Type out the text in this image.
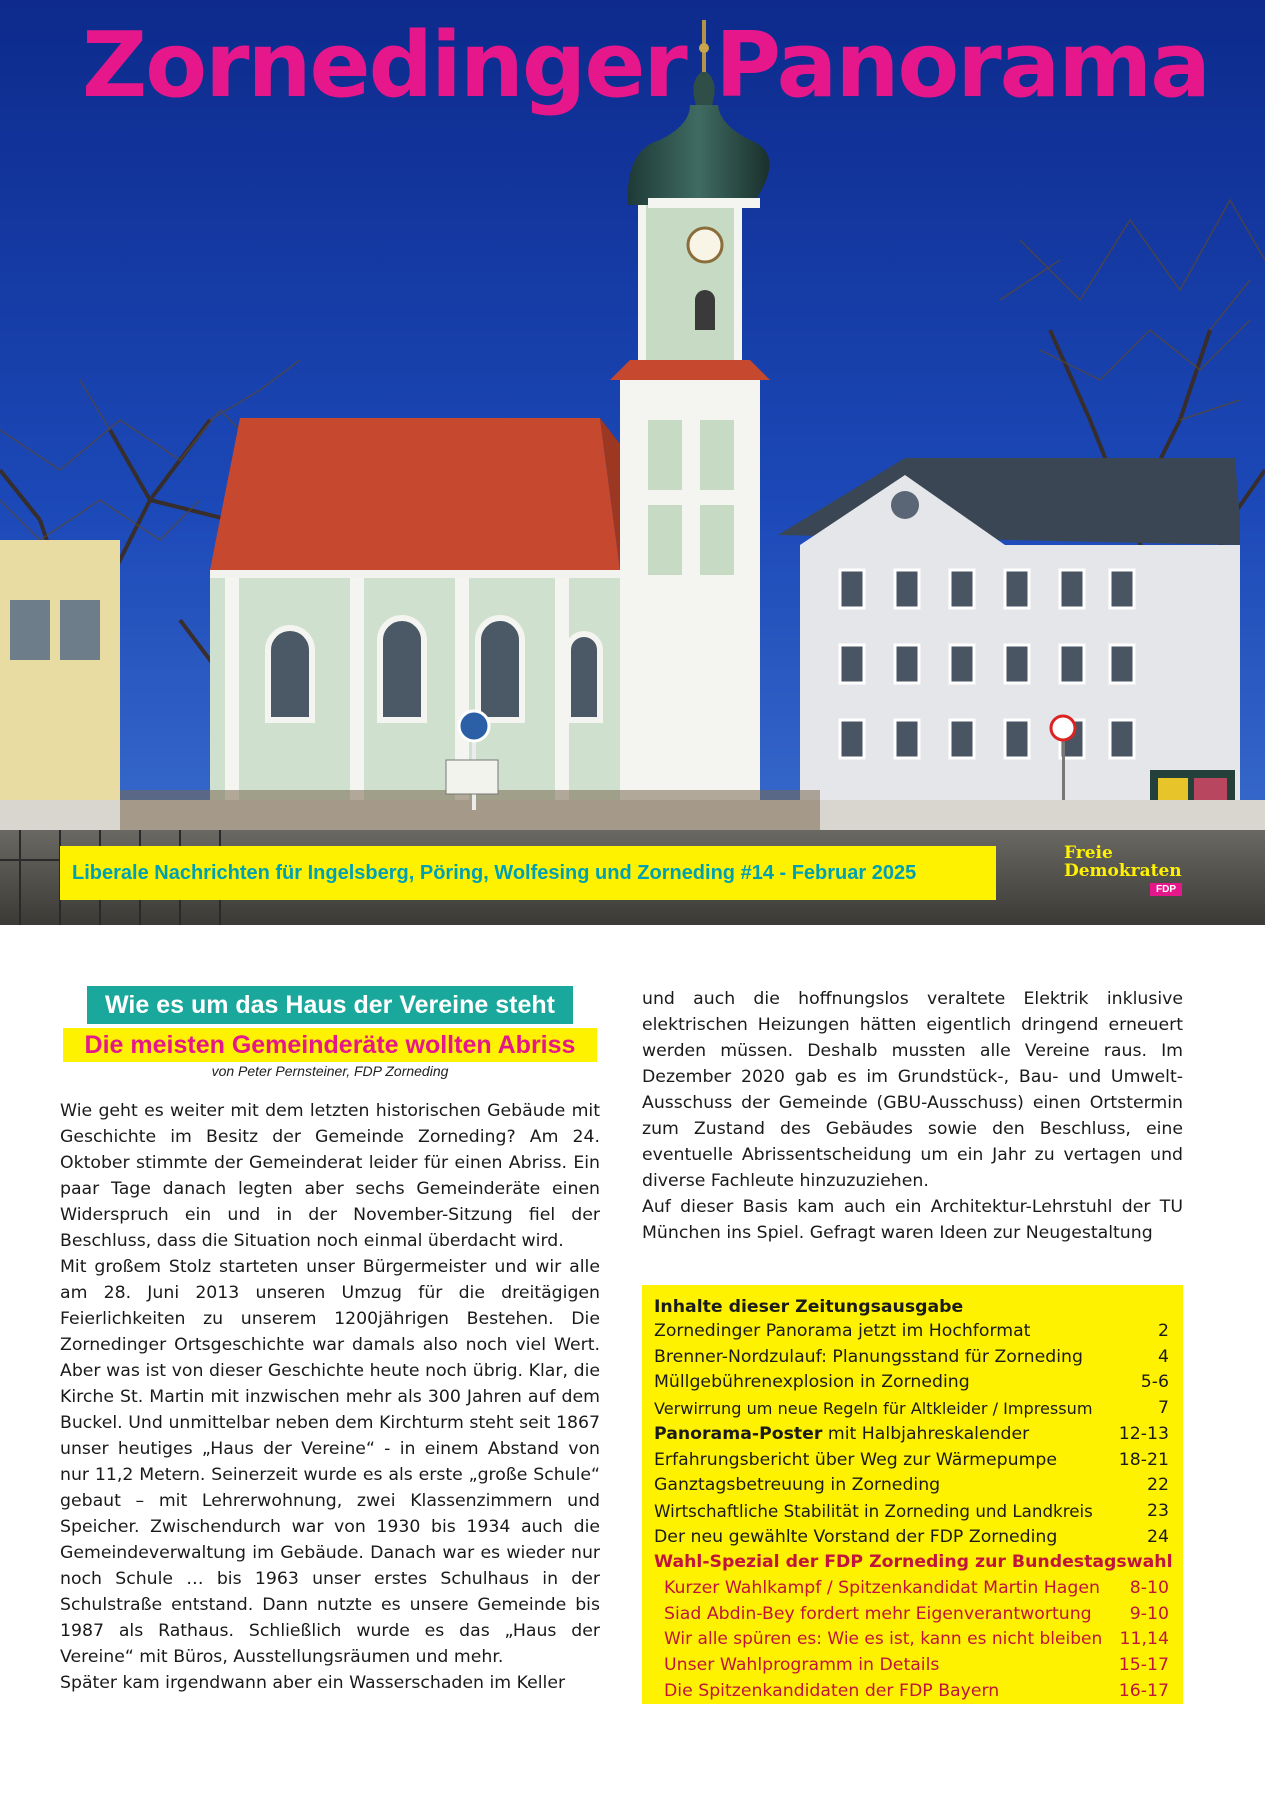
Zornedinger Panorama
Liberale Nachrichten für Ingelsberg, Pöring, Wolfesing und Zorneding #14 - Februar 2025
Freie
Demokraten
FDP
Wie es um das Haus der Vereine steht
Die meisten Gemeinderäte wollten Abriss
von Peter Pernsteiner, FDP Zorneding

Wie geht es weiter mit dem letzten historischen Gebäude mit Geschichte im Besitz der Gemeinde Zorneding? Am 24. Oktober stimmte der Gemeinderat leider für einen Abriss. Ein paar Tage danach legten aber sechs Gemeinderäte einen Widerspruch ein und in der November-Sitzung fiel der Beschluss, dass die Situation noch einmal überdacht wird.

Mit großem Stolz starteten unser Bürgermeister und wir alle am 28. Juni 2013 unseren Umzug für die dreitägigen Feierlichkeiten zu unserem 1200jährigen Bestehen. Die Zornedinger Ortsgeschichte war damals also noch viel Wert. Aber was ist von dieser Geschichte heute noch übrig. Klar, die Kirche St. Martin mit inzwischen mehr als 300 Jahren auf dem Buckel. Und unmittelbar neben dem Kirchturm steht seit 1867 unser heutiges „Haus der Vereine“ - in einem Abstand von nur 11,2 Metern. Seinerzeit wurde es als erste „große Schule“ gebaut – mit Lehrerwohnung, zwei Klassenzimmern und Speicher. Zwischendurch war von 1930 bis 1934 auch die Gemeindeverwaltung im Gebäude. Danach war es wieder nur noch Schule … bis 1963 unser erstes Schulhaus in der Schulstraße entstand. Dann nutzte es unsere Gemeinde bis 1987 als Rathaus. Schließlich wurde es das „Haus der Vereine“ mit Büros, Ausstellungsräumen und mehr.

Später kam irgendwann aber ein Wasserschaden im Keller

und auch die hoffnungslos veraltete Elektrik inklusive elektrischen Heizungen hätten eigentlich dringend erneuert werden müssen. Deshalb mussten alle Vereine raus. Im Dezember 2020 gab es im Grundstück-, Bau- und Umwelt-Ausschuss der Gemeinde (GBU-Ausschuss) einen Ortstermin zum Zustand des Gebäudes sowie den Beschluss, eine eventuelle Abrissentscheidung um ein Jahr zu vertagen und diverse Fachleute hinzuzuziehen.

Auf dieser Basis kam auch ein Architektur-Lehrstuhl der TU München ins Spiel. Gefragt waren Ideen zur Neugestaltung

Inhalte dieser Zeitungsausgabe
Zornedinger Panorama jetzt im Hochformat	2
Brenner-Nordzulauf: Planungsstand für Zorneding	4
Müllgebührenexplosion in Zorneding	5-6
Verwirrung um neue Regeln für Altkleider / Impressum	7
Panorama-Poster mit Halbjahreskalender	12-13
Erfahrungsbericht über Weg zur Wärmepumpe	18-21
Ganztagsbetreuung in Zorneding	22
Wirtschaftliche Stabilität in Zorneding und Landkreis	23
Der neu gewählte Vorstand der FDP Zorneding	24
Wahl-Spezial der FDP Zorneding zur Bundestagswahl
Kurzer Wahlkampf / Spitzenkandidat Martin Hagen 8-10
Siad Abdin-Bey fordert mehr Eigenverantwortung 9-10
Wir alle spüren es: Wie es ist, kann es nicht bleiben 11,14
Unser Wahlprogramm in Details	15-17
Die Spitzenkandidaten der FDP Bayern	16-17
